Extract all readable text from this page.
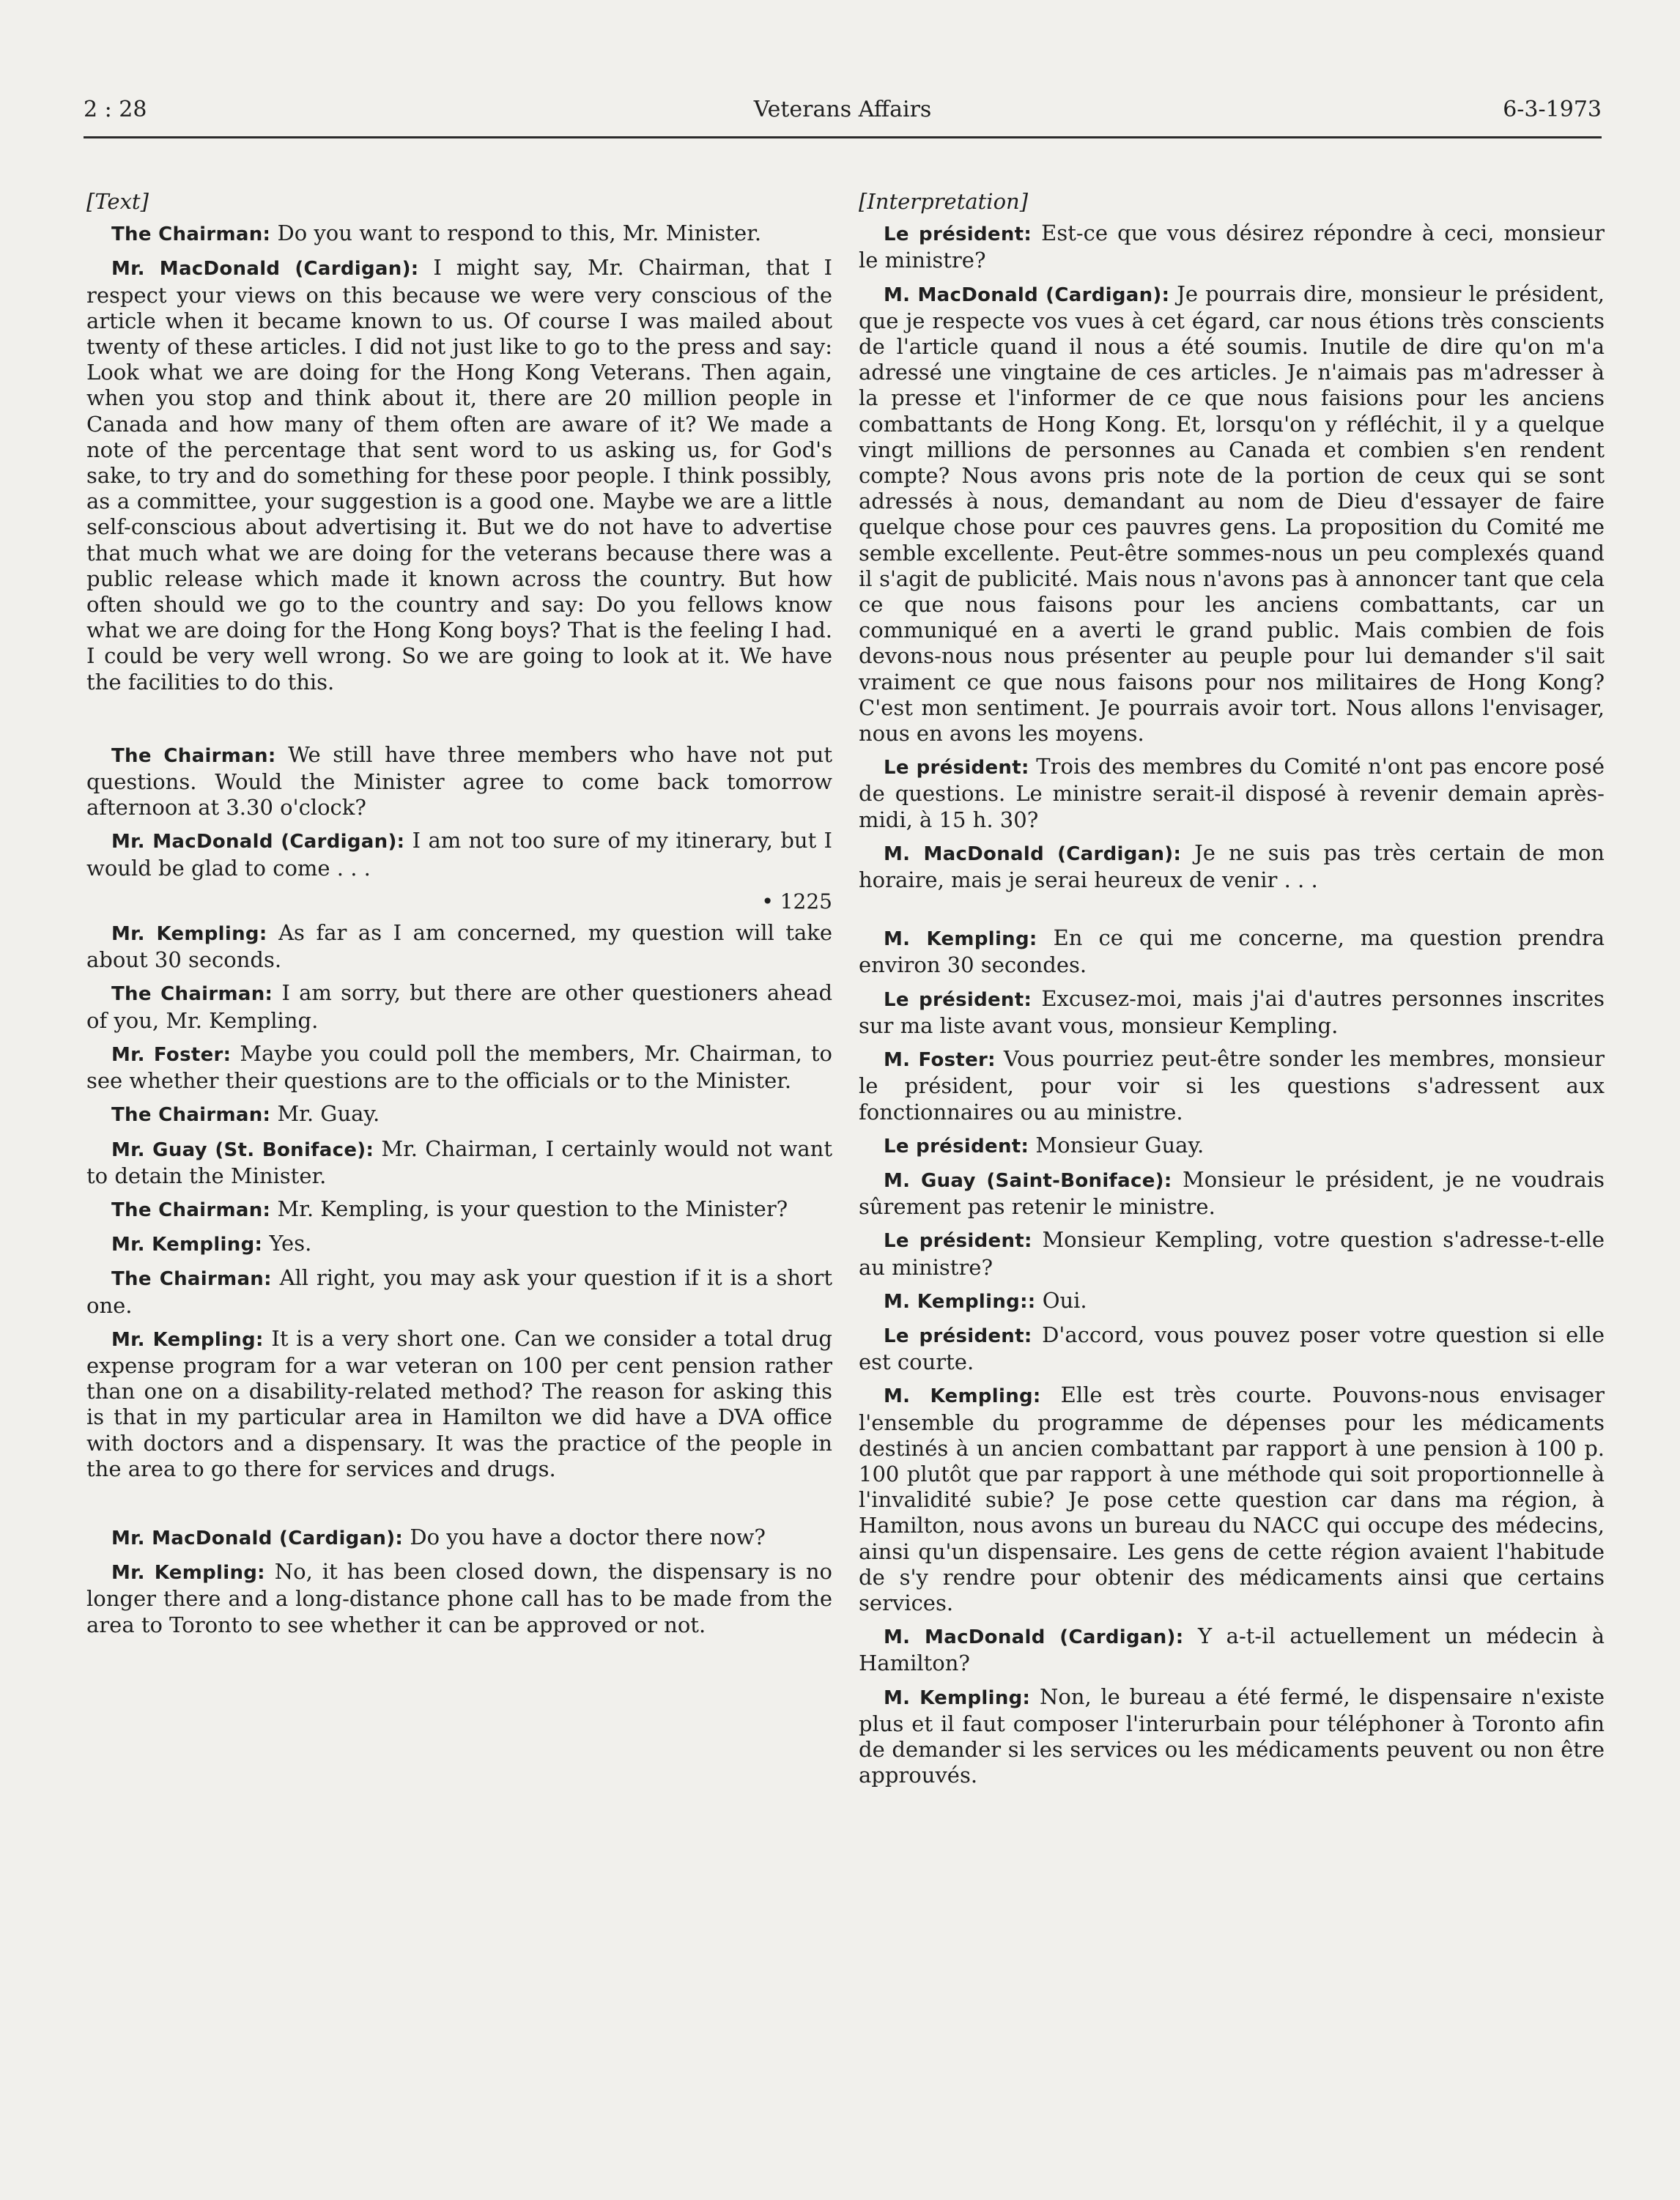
2 : 28	Veterans Affairs	6-3-1973
[Text]

The Chairman: Do you want to respond to this, Mr. Minister.

Mr. MacDonald (Cardigan): I might say, Mr. Chairman, that I respect your views on this because we were very conscious of the article when it became known to us. Of course I was mailed about twenty of these articles. I did not just like to go to the press and say: Look what we are doing for the Hong Kong Veterans. Then again, when you stop and think about it, there are 20 million people in Canada and how many of them often are aware of it? We made a note of the percentage that sent word to us asking us, for God's sake, to try and do something for these poor people. I think possibly, as a committee, your suggestion is a good one. Maybe we are a little self-conscious about advertising it. But we do not have to advertise that much what we are doing for the veterans because there was a public release which made it known across the country. But how often should we go to the country and say: Do you fellows know what we are doing for the Hong Kong boys? That is the feeling I had. I could be very well wrong. So we are going to look at it. We have the facilities to do this.

The Chairman: We still have three members who have not put questions. Would the Minister agree to come back tomorrow afternoon at 3.30 o'clock?

Mr. MacDonald (Cardigan): I am not too sure of my itinerary, but I would be glad to come . . .

• 1225

Mr. Kempling: As far as I am concerned, my question will take about 30 seconds.

The Chairman: I am sorry, but there are other questioners ahead of you, Mr. Kempling.

Mr. Foster: Maybe you could poll the members, Mr. Chairman, to see whether their questions are to the officials or to the Minister.

The Chairman: Mr. Guay.

Mr. Guay (St. Boniface): Mr. Chairman, I certainly would not want to detain the Minister.

The Chairman: Mr. Kempling, is your question to the Minister?

Mr. Kempling: Yes.

The Chairman: All right, you may ask your question if it is a short one.

Mr. Kempling: It is a very short one. Can we consider a total drug expense program for a war veteran on 100 per cent pension rather than one on a disability-related method? The reason for asking this is that in my particular area in Hamilton we did have a DVA office with doctors and a dispensary. It was the practice of the people in the area to go there for services and drugs.

Mr. MacDonald (Cardigan): Do you have a doctor there now?

Mr. Kempling: No, it has been closed down, the dispensary is no longer there and a long-distance phone call has to be made from the area to Toronto to see whether it can be approved or not.

[Interpretation]

Le président: Est-ce que vous désirez répondre à ceci, monsieur le ministre?

M. MacDonald (Cardigan): Je pourrais dire, monsieur le président, que je respecte vos vues à cet égard, car nous étions très conscients de l'article quand il nous a été soumis. Inutile de dire qu'on m'a adressé une vingtaine de ces articles. Je n'aimais pas m'adresser à la presse et l'informer de ce que nous faisions pour les anciens combattants de Hong Kong. Et, lorsqu'on y réfléchit, il y a quelque vingt millions de personnes au Canada et combien s'en rendent compte? Nous avons pris note de la portion de ceux qui se sont adressés à nous, demandant au nom de Dieu d'essayer de faire quelque chose pour ces pauvres gens. La proposition du Comité me semble excellente. Peut-être sommes-nous un peu complexés quand il s'agit de publicité. Mais nous n'avons pas à annoncer tant que cela ce que nous faisons pour les anciens combattants, car un communiqué en a averti le grand public. Mais combien de fois devons-nous nous présenter au peuple pour lui demander s'il sait vraiment ce que nous faisons pour nos militaires de Hong Kong? C'est mon sentiment. Je pourrais avoir tort. Nous allons l'envisager, nous en avons les moyens.

Le président: Trois des membres du Comité n'ont pas encore posé de questions. Le ministre serait-il disposé à revenir demain après-midi, à 15 h. 30?

M. MacDonald (Cardigan): Je ne suis pas très certain de mon horaire, mais je serai heureux de venir . . .

M. Kempling: En ce qui me concerne, ma question prendra environ 30 secondes.

Le président: Excusez-moi, mais j'ai d'autres personnes inscrites sur ma liste avant vous, monsieur Kempling.

M. Foster: Vous pourriez peut-être sonder les membres, monsieur le président, pour voir si les questions s'adressent aux fonctionnaires ou au ministre.

Le président: Monsieur Guay.

M. Guay (Saint-Boniface): Monsieur le président, je ne voudrais sûrement pas retenir le ministre.

Le président: Monsieur Kempling, votre question s'adresse-t-elle au ministre?

M. Kempling:: Oui.

Le président: D'accord, vous pouvez poser votre question si elle est courte.

M. Kempling: Elle est très courte. Pouvons-nous envisager l'ensemble du programme de dépenses pour les médicaments destinés à un ancien combattant par rapport à une pension à 100 p. 100 plutôt que par rapport à une méthode qui soit proportionnelle à l'invalidité subie? Je pose cette question car dans ma région, à Hamilton, nous avons un bureau du NACC qui occupe des médecins, ainsi qu'un dispensaire. Les gens de cette région avaient l'habitude de s'y rendre pour obtenir des médicaments ainsi que certains services.

M. MacDonald (Cardigan): Y a-t-il actuellement un médecin à Hamilton?

M. Kempling: Non, le bureau a été fermé, le dispensaire n'existe plus et il faut composer l'interurbain pour téléphoner à Toronto afin de demander si les services ou les médicaments peuvent ou non être approuvés.
